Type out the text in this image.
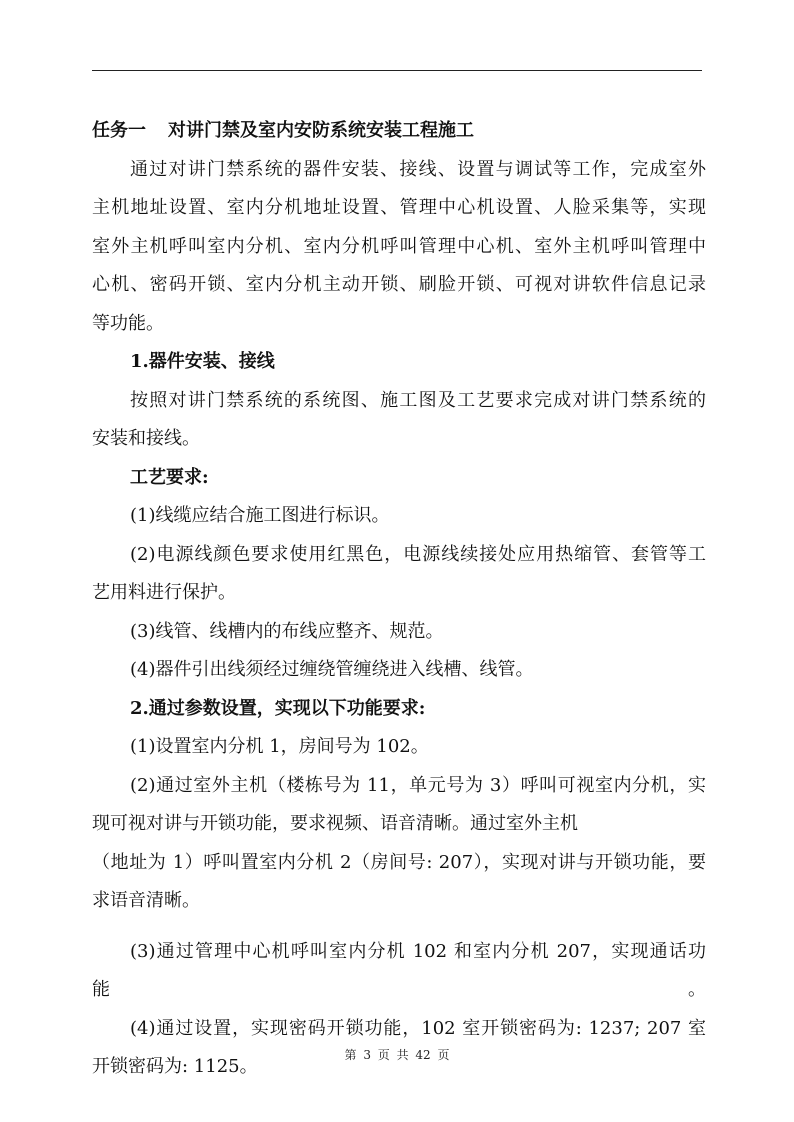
任务一 对讲门禁及室内安防系统安装工程施工

通过对讲门禁系统的器件安装、接线、设置与调试等工作，完成室外

主机地址设置、室内分机地址设置、管理中心机设置、人脸采集等，实现

室外主机呼叫室内分机、室内分机呼叫管理中心机、室外主机呼叫管理中

心机、密码开锁、室内分机主动开锁、刷脸开锁、可视对讲软件信息记录

等功能。

1.器件安装、接线

按照对讲门禁系统的系统图、施工图及工艺要求完成对讲门禁系统的

安装和接线。

工艺要求:

(1)线缆应结合施工图进行标识。

(2)电源线颜色要求使用红黑色，电源线续接处应用热缩管、套管等工

艺用料进行保护。

(3)线管、线槽内的布线应整齐、规范。

(4)器件引出线须经过缠绕管缠绕进入线槽、线管。

2.通过参数设置，实现以下功能要求:

(1)设置室内分机 1，房间号为 102。

(2)通过室外主机（楼栋号为 11，单元号为 3）呼叫可视室内分机，实

现可视对讲与开锁功能，要求视频、语音清晰。通过室外主机

（地址为 1）呼叫置室内分机 2（房间号: 207），实现对讲与开锁功能，要

求语音清晰。

(3)通过管理中心机呼叫室内分机 102 和室内分机 207，实现通话功能。

(4)通过设置，实现密码开锁功能，102 室开锁密码为: 1237; 207 室

开锁密码为: 1125。

第 3 页 共 42 页
